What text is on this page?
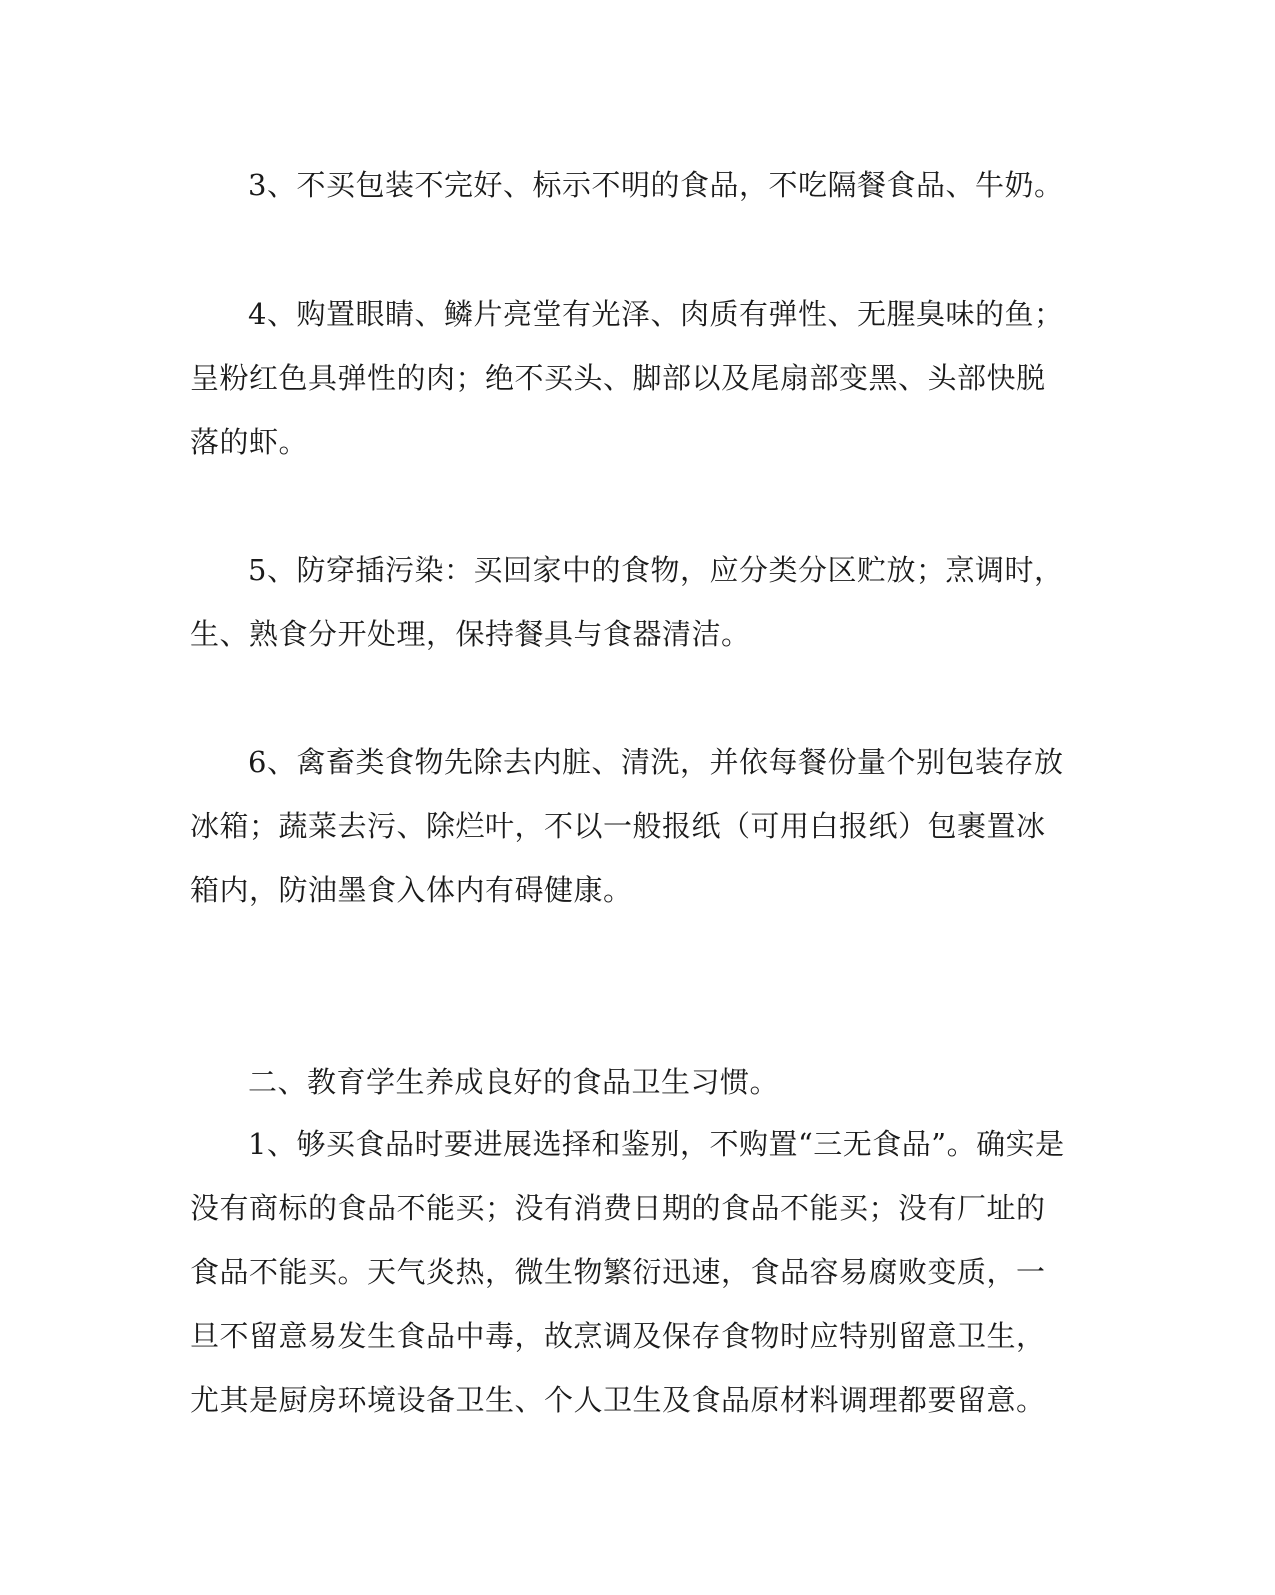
3、不买包装不完好、标示不明的食品，不吃隔餐食品、牛奶。

4、购置眼睛、鳞片亮堂有光泽、肉质有弹性、无腥臭味的鱼；呈粉红色具弹性的肉；绝不买头、脚部以及尾扇部变黑、头部快脱落的虾。

5、防穿插污染：买回家中的食物，应分类分区贮放；烹调时，生、熟食分开处理，保持餐具与食器清洁。

6、禽畜类食物先除去内脏、清洗，并依每餐份量个别包装存放冰箱；蔬菜去污、除烂叶，不以一般报纸（可用白报纸）包裹置冰箱内，防油墨食入体内有碍健康。

二、教育学生养成良好的食品卫生习惯。

1、够买食品时要进展选择和鉴别，不购置“三无食品”。确实是没有商标的食品不能买；没有消费日期的食品不能买；没有厂址的食品不能买。天气炎热，微生物繁衍迅速，食品容易腐败变质，一旦不留意易发生食品中毒，故烹调及保存食物时应特别留意卫生，尤其是厨房环境设备卫生、个人卫生及食品原材料调理都要留意。
